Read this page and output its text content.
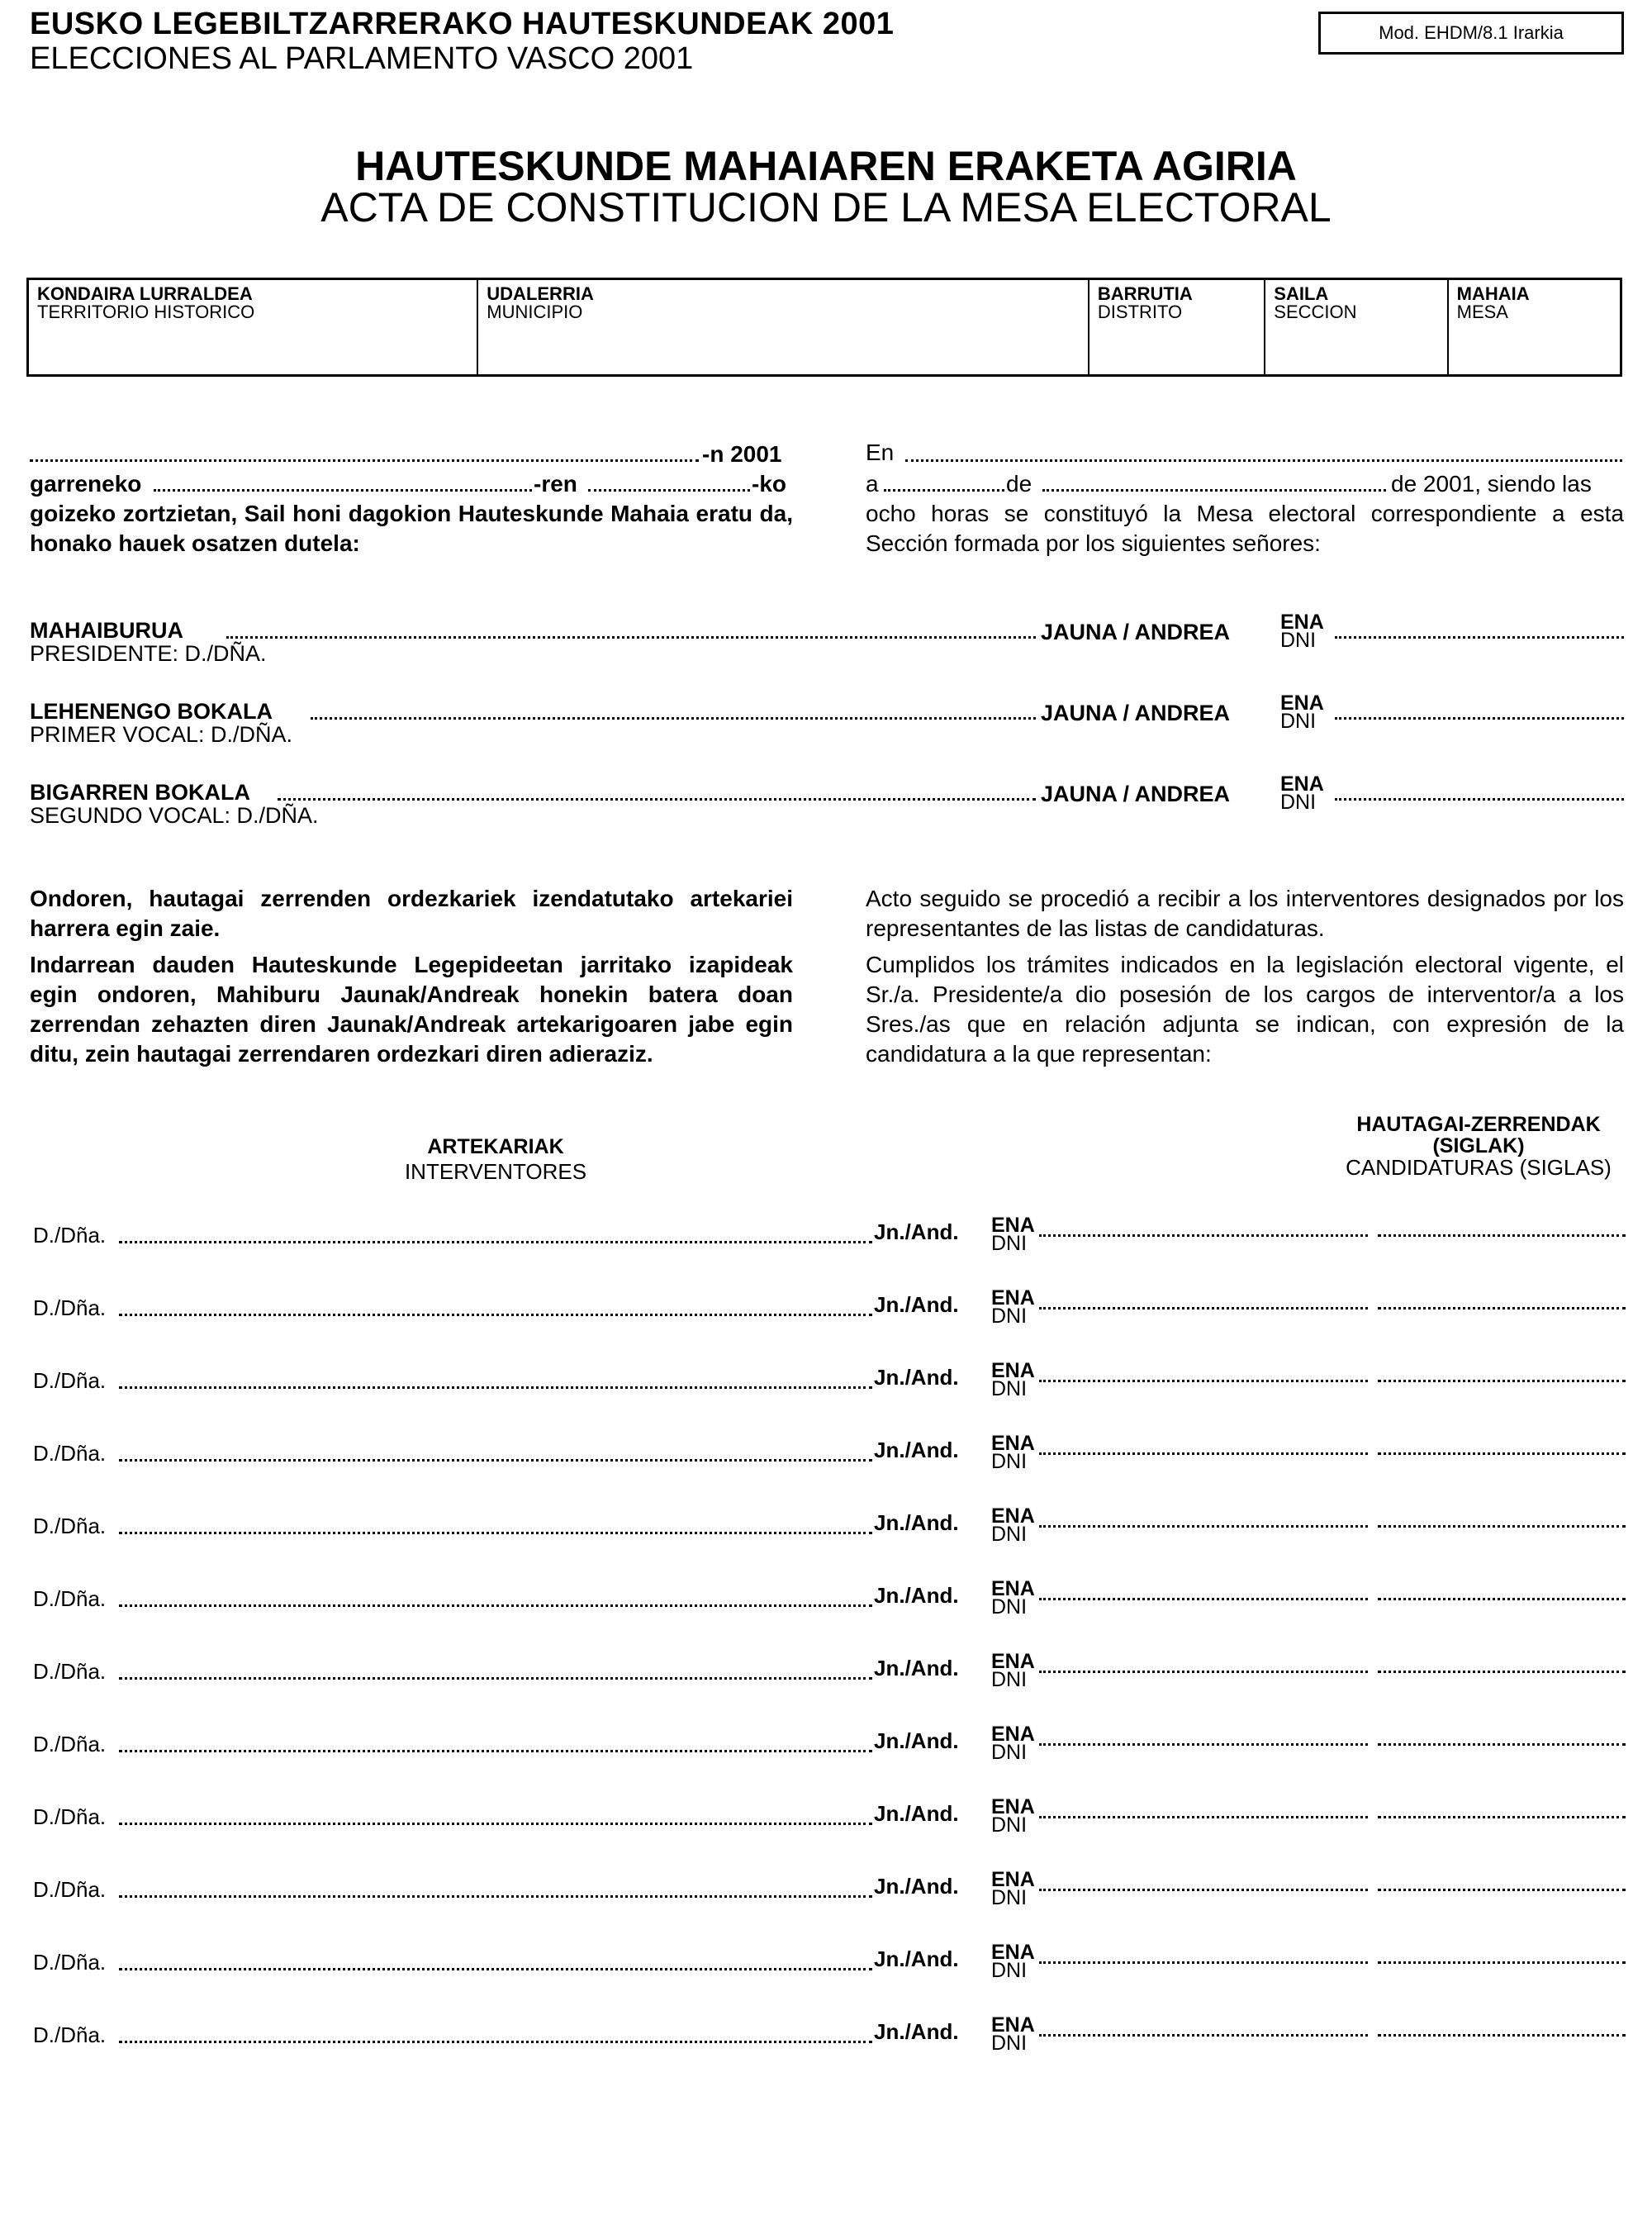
EUSKO LEGEBILTZARRERAKO HAUTESKUNDEAK 2001
ELECCIONES AL PARLAMENTO VASCO 2001
Mod. EHDM/8.1 Irarkia
HAUTESKUNDE MAHAIAREN ERAKETA AGIRIA
ACTA DE CONSTITUCION DE LA MESA ELECTORAL
KONDAIRA LURRALDEA
TERRITORIO HISTORICO
UDALERRIA
MUNICIPIO
BARRUTIA
DISTRITO
SAILA
SECCION
MAHAIA
MESA
-n 2001
garreneko	-ren	-ko
goizeko zortzietan, Sail honi dagokion Hauteskunde Mahaia eratu da, honako hauek osatzen dutela:
En
a	de	de 2001, siendo las
ocho horas se constituyó la Mesa electoral correspondiente a esta Sección formada por los siguientes señores:
MAHAIBURUA
PRESIDENTE: D./DÑA.
JAUNA / ANDREA ENA
DNI
LEHENENGO BOKALA
PRIMER VOCAL: D./DÑA.
JAUNA / ANDREA ENA
DNI
BIGARREN BOKALA
SEGUNDO VOCAL: D./DÑA.
JAUNA / ANDREA ENA
DNI
Ondoren, hautagai zerrenden ordezkariek izendatutako artekariei harrera egin zaie.
Indarrean dauden Hauteskunde Legepideetan jarritako izapideak egin ondoren, Mahiburu Jaunak/Andreak honekin batera doan zerrendan zehazten diren Jaunak/Andreak artekarigoaren jabe egin ditu, zein hautagai zerrendaren ordezkari diren adieraziz.
Acto seguido se procedió a recibir a los interventores designados por los representantes de las listas de candidaturas.
Cumplidos los trámites indicados en la legislación electoral vigente, el Sr./a. Presidente/a dio posesión de los cargos de interventor/a a los Sres./as que en relación adjunta se indican, con expresión de la candidatura a la que representan:
ARTEKARIAK
INTERVENTORES
HAUTAGAI-ZERRENDAK (SIGLAK)
CANDIDATURAS (SIGLAS)
D./Dña.	Jn./And. ENA
DNI
D./Dña.	Jn./And. ENA
DNI
D./Dña.	Jn./And. ENA
DNI
D./Dña.	Jn./And. ENA
DNI
D./Dña.	Jn./And. ENA
DNI
D./Dña.	Jn./And. ENA
DNI
D./Dña.	Jn./And. ENA
DNI
D./Dña.	Jn./And. ENA
DNI
D./Dña.	Jn./And. ENA
DNI
D./Dña.	Jn./And. ENA
DNI
D./Dña.	Jn./And. ENA
DNI
D./Dña.	Jn./And. ENA
DNI
